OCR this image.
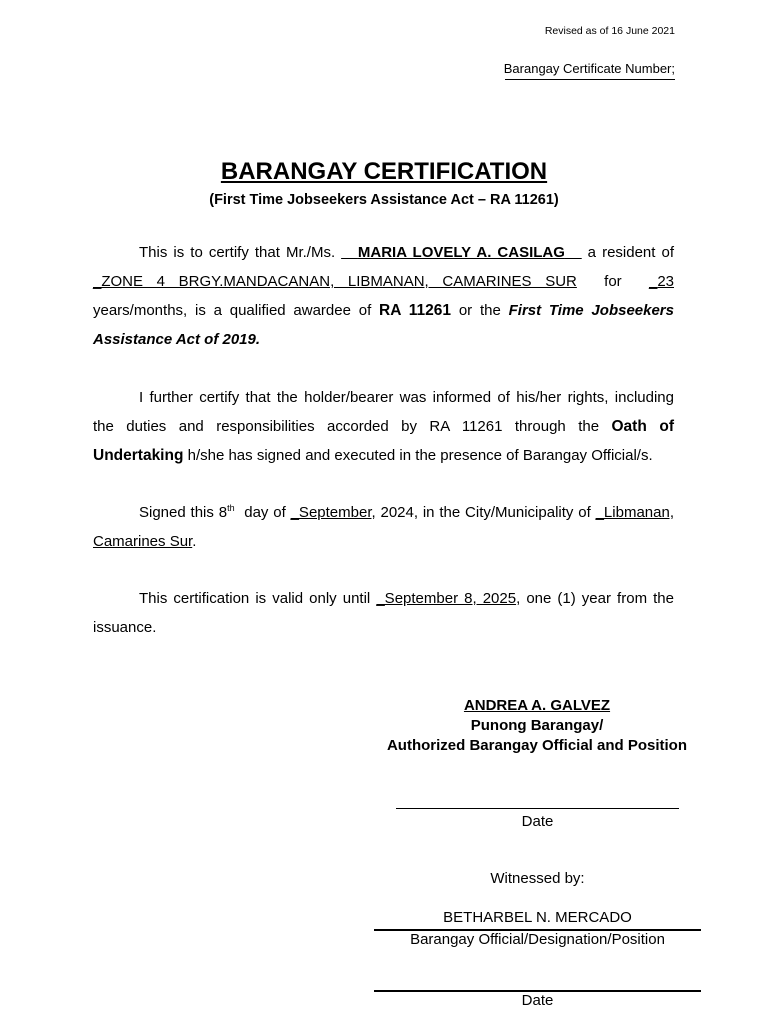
Revised as of 16 June 2021
Barangay Certificate Number;
BARANGAY CERTIFICATION
(First Time Jobseekers Assistance Act – RA 11261)
This is to certify that Mr./Ms. __MARIA LOVELY A. CASILAG__ a resident of _ZONE 4 BRGY.MANDACANAN, LIBMANAN, CAMARINES SUR  for  _23 years/months, is a qualified awardee of RA 11261 or the First Time Jobseekers Assistance Act of 2019.
I further certify that the holder/bearer was informed of his/her rights, including the duties and responsibilities accorded by RA 11261 through the Oath of Undertaking h/she has signed and executed in the presence of Barangay Official/s.
Signed this 8th  day of _September, 2024, in the City/Municipality of _Libmanan, Camarines Sur.
This certification is valid only until _September 8, 2025, one (1) year from the issuance.
ANDREA A. GALVEZ
Punong Barangay/
Authorized Barangay Official and Position
Date
Witnessed by:
BETHARBEL N. MERCADO
Barangay Official/Designation/Position
Date
